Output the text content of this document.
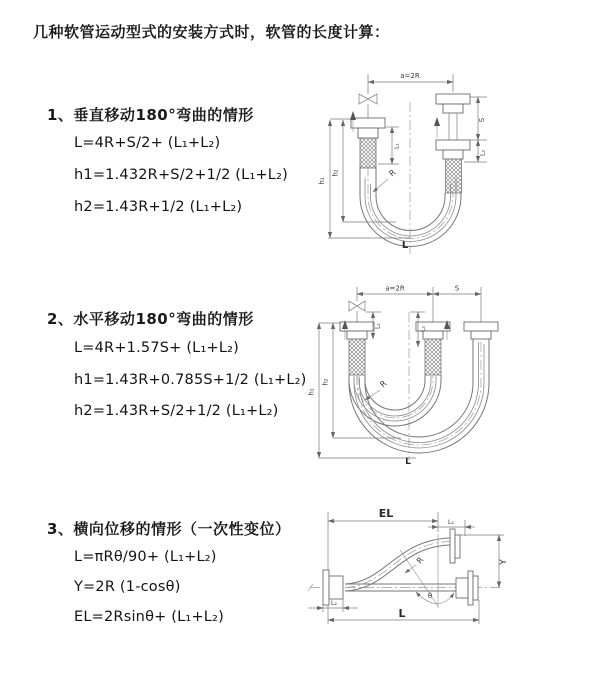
几种软管运动型式的安装方式时，软管的长度计算：
1、垂直移动180°弯曲的情形
L=4R+S/2+ (L₁+L₂)
h1=1.432R+S/2+1/2 (L₁+L₂)
h2=1.43R+1/2 (L₁+L₂)
2、水平移动180°弯曲的情形
L=4R+1.57S+ (L₁+L₂)
h1=1.43R+0.785S+1/2 (L₁+L₂)
h2=1.43R+S/2+1/2 (L₁+L₂)
3、横向位移的情形（一次性变位）
L=πRθ/90+ (L₁+L₂)
Y=2R (1-cosθ)
EL=2Rsinθ+ (L₁+L₂)
a=2R
S
L₂
L₁
h₁
h₂
L
R
a=2R	S
L₁	L₂
h₁
h₂
L
R
EL
L₁
L₂
Y
L
R
θ
